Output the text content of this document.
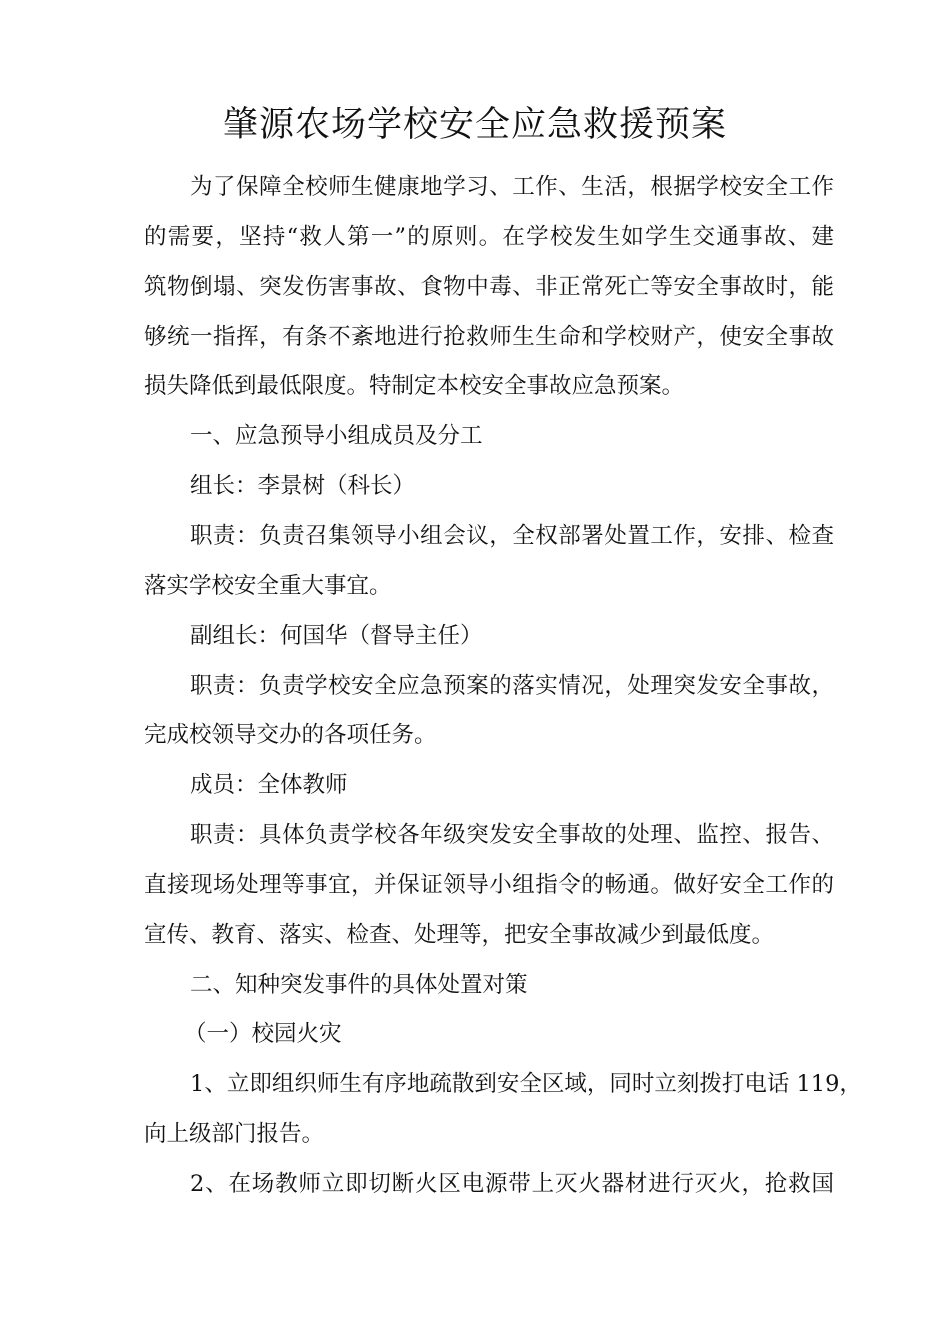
肇源农场学校安全应急救援预案
为了保障全校师生健康地学习、工作、生活，根据学校安全工作
的需要，坚持“救人第一”的原则。在学校发生如学生交通事故、建
筑物倒塌、突发伤害事故、食物中毒、非正常死亡等安全事故时，能
够统一指挥，有条不紊地进行抢救师生生命和学校财产，使安全事故
损失降低到最低限度。特制定本校安全事故应急预案。
一、应急预导小组成员及分工
组长：李景树（科长）
职责：负责召集领导小组会议，全权部署处置工作，安排、检查
落实学校安全重大事宜。
副组长：何国华（督导主任）
职责：负责学校安全应急预案的落实情况，处理突发安全事故，
完成校领导交办的各项任务。
成员：全体教师
职责：具体负责学校各年级突发安全事故的处理、监控、报告、
直接现场处理等事宜，并保证领导小组指令的畅通。做好安全工作的
宣传、教育、落实、检查、处理等，把安全事故减少到最低度。
二、知种突发事件的具体处置对策
（一）校园火灾
1、立即组织师生有序地疏散到安全区域，同时立刻拨打电话 119，
向上级部门报告。
2、在场教师立即切断火区电源带上灭火器材进行灭火，抢救国
